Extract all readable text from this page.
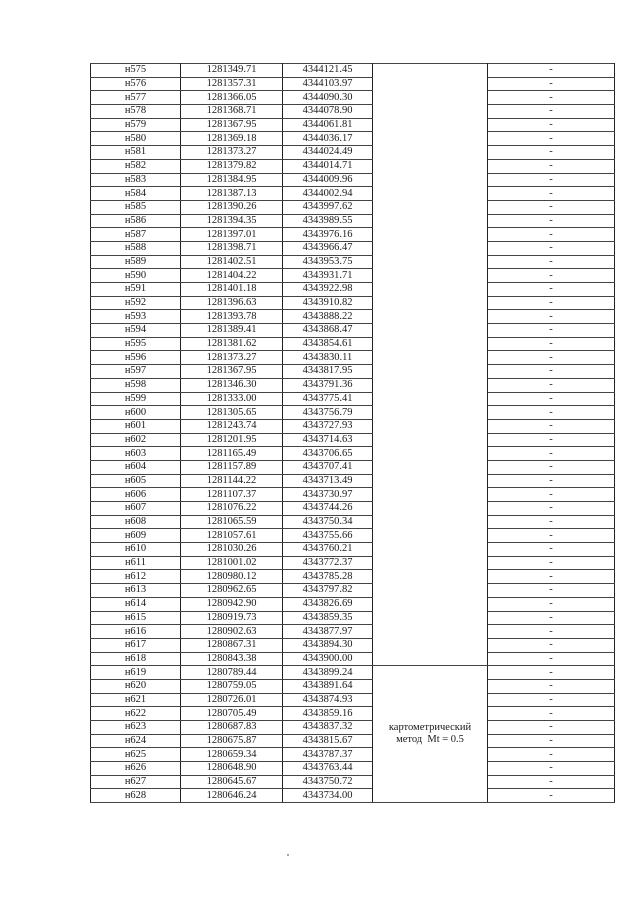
н575	1281349.71	4344121.45		-
н576	1281357.31	4344103.97		-
н577	1281366.05	4344090.30		-
н578	1281368.71	4344078.90		-
н579	1281367.95	4344061.81		-
н580	1281369.18	4344036.17		-
н581	1281373.27	4344024.49		-
н582	1281379.82	4344014.71		-
н583	1281384.95	4344009.96		-
н584	1281387.13	4344002.94		-
н585	1281390.26	4343997.62		-
н586	1281394.35	4343989.55		-
н587	1281397.01	4343976.16		-
н588	1281398.71	4343966.47		-
н589	1281402.51	4343953.75		-
н590	1281404.22	4343931.71		-
н591	1281401.18	4343922.98		-
н592	1281396.63	4343910.82		-
н593	1281393.78	4343888.22		-
н594	1281389.41	4343868.47		-
н595	1281381.62	4343854.61		-
н596	1281373.27	4343830.11		-
н597	1281367.95	4343817.95		-
н598	1281346.30	4343791.36		-
н599	1281333.00	4343775.41		-
н600	1281305.65	4343756.79		-
н601	1281243.74	4343727.93		-
н602	1281201.95	4343714.63		-
н603	1281165.49	4343706.65		-
н604	1281157.89	4343707.41		-
н605	1281144.22	4343713.49		-
н606	1281107.37	4343730.97		-
н607	1281076.22	4343744.26		-
н608	1281065.59	4343750.34		-
н609	1281057.61	4343755.66		-
н610	1281030.26	4343760.21		-
н611	1281001.02	4343772.37		-
н612	1280980.12	4343785.28		-
н613	1280962.65	4343797.82		-
н614	1280942.90	4343826.69		-
н615	1280919.73	4343859.35		-
н616	1280902.63	4343877.97		-
н617	1280867.31	4343894.30		-
н618	1280843.38	4343900.00		-
н619	1280789.44	4343899.24	картометрический
метод  Mt = 0.5	-
н620	1280759.05	4343891.64		-
н621	1280726.01	4343874.93		-
н622	1280705.49	4343859.16		-
н623	1280687.83	4343837.32		-
н624	1280675.87	4343815.67		-
н625	1280659.34	4343787.37		-
н626	1280648.90	4343763.44		-
н627	1280645.67	4343750.72		-
н628	1280646.24	4343734.00		-
